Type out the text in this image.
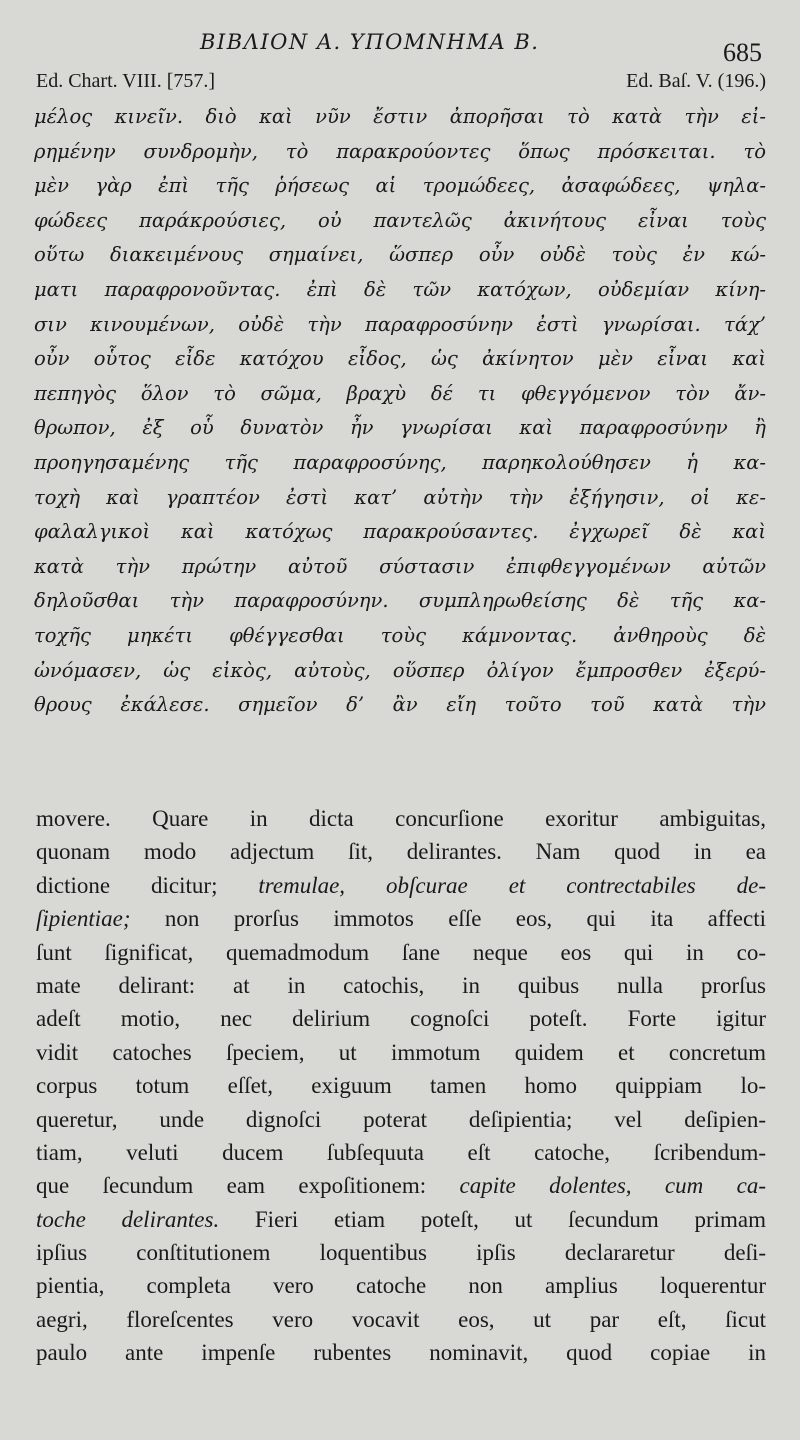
ΒΙΒΛΙΟΝ Α. ΥΠΟΜΝΗΜΑ Β.	685
Ed. Chart. VIII. [757.]	Ed. Baſ. V. (196.)
μέλος κινεῖν. διὸ καὶ νῦν ἔστιν ἀπορῆσαι τὸ κατὰ τὴν εἰ-
ρημένην συνδρομὴν, τὸ παρακρούοντες ὅπως πρόσκειται. τὸ
μὲν γὰρ ἐπὶ τῆς ῥήσεως αἱ τρομώδεες, ἀσαφώδεες, ψηλα-
φώδεες παράκρούσιες, οὐ παντελῶς ἀκινήτους εἶναι τοὺς
οὕτω διακειμένους σημαίνει, ὥσπερ οὖν οὐδὲ τοὺς ἐν κώ-
ματι παραφρονοῦντας. ἐπὶ δὲ τῶν κατόχων, οὐδεμίαν κίνη-
σιν κινουμένων, οὐδὲ τὴν παραφροσύνην ἐστὶ γνωρίσαι. τάχ’
οὖν οὗτος εἶδε κατόχου εἶδος, ὡς ἀκίνητον μὲν εἶναι καὶ
πεπηγὸς ὅλον τὸ σῶμα, βραχὺ δέ τι φθεγγόμενον τὸν ἄν-
θρωπον, ἐξ οὗ δυνατὸν ἦν γνωρίσαι καὶ παραφροσύνην ἢ
προηγησαμένης τῆς παραφροσύνης, παρηκολούθησεν ἡ κα-
τοχὴ καὶ γραπτέον ἐστὶ κατ’ αὐτὴν τὴν ἐξήγησιν, οἱ κε-
φαλαλγικοὶ καὶ κατόχως παρακρούσαντες. ἐγχωρεῖ δὲ καὶ
κατὰ τὴν πρώτην αὐτοῦ σύστασιν ἐπιφθεγγομένων αὐτῶν
δηλοῦσθαι τὴν παραφροσύνην. συμπληρωθείσης δὲ τῆς κα-
τοχῆς μηκέτι φθέγγεσθαι τοὺς κάμνοντας. ἀνθηροὺς δὲ
ὠνόμασεν, ὡς εἰκὸς, αὐτοὺς, οὕσπερ ὀλίγον ἔμπροσθεν ἐξερύ-
θρους ἐκάλεσε. σημεῖον δ’ ἂν εἴη τοῦτο τοῦ κατὰ τὴν
movere. Quare in dicta concurſione exoritur ambiguitas,
quonam modo adjectum ſit, delirantes. Nam quod in ea
dictione dicitur; tremulae, obſcurae et contrectabiles de-
ſipientiae; non prorſus immotos eſſe eos, qui ita affecti
ſunt ſignificat, quemadmodum ſane neque eos qui in co-
mate delirant: at in catochis, in quibus nulla prorſus
adeſt motio, nec delirium cognoſci poteſt. Forte igitur
vidit catoches ſpeciem, ut immotum quidem et concretum
corpus totum eſſet, exiguum tamen homo quippiam lo-
queretur, unde dignoſci poterat deſipientia; vel deſipien-
tiam, veluti ducem ſubſequuta eſt catoche, ſcribendum-
que ſecundum eam expoſitionem: capite dolentes, cum ca-
toche delirantes. Fieri etiam poteſt, ut ſecundum primam
ipſius conſtitutionem loquentibus ipſis declararetur deſi-
pientia, completa vero catoche non amplius loquerentur
aegri, floreſcentes vero vocavit eos, ut par eſt, ſicut
paulo ante impenſe rubentes nominavit, quod copiae in
